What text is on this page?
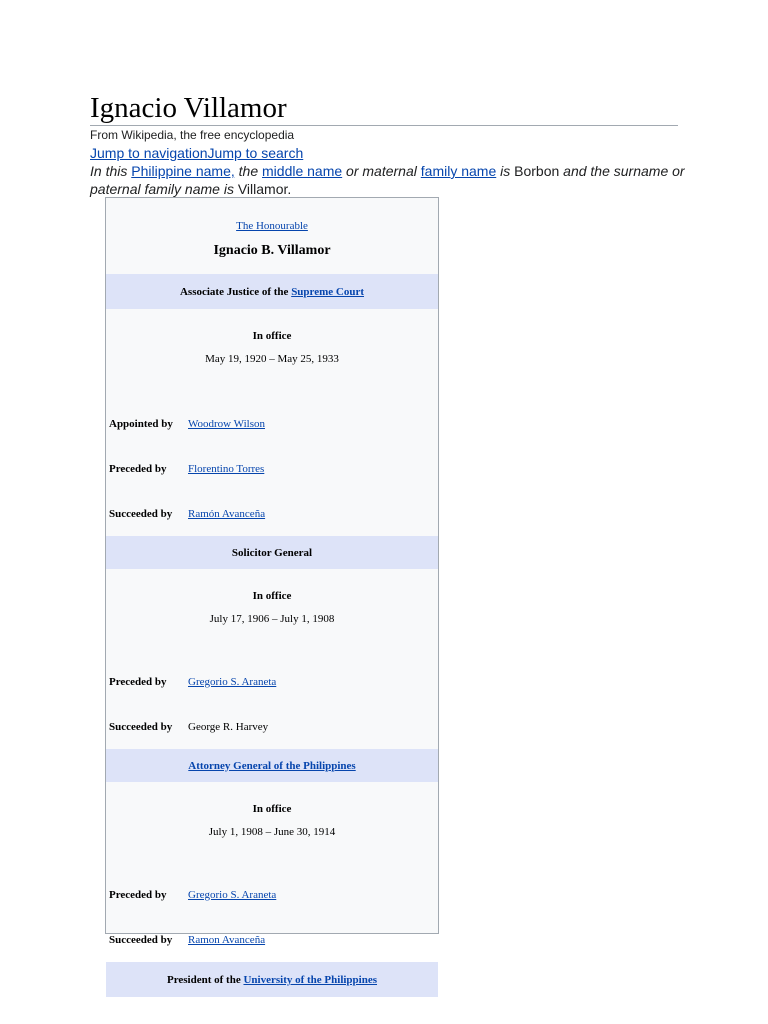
Ignacio Villamor
From Wikipedia, the free encyclopedia
Jump to navigationJump to search
In this Philippine name, the middle name or maternal family name is Borbon and the surname or paternal family name is Villamor.
The Honourable
Ignacio B. Villamor
Associate Justice of the
Supreme Court
In office
May 19, 1920 – May 25, 1933
Appointed by	Woodrow Wilson
Preceded by	Florentino Torres
Succeeded by	Ramón Avanceña
Solicitor General
In office
July 17, 1906 – July 1, 1908
Preceded by	Gregorio S. Araneta
Succeeded by	George R. Harvey
Attorney General of the Philippines
In office
July 1, 1908 – June 30, 1914
Preceded by	Gregorio S. Araneta
Succeeded by	Ramon Avanceña
President of the
University of the Philippines
